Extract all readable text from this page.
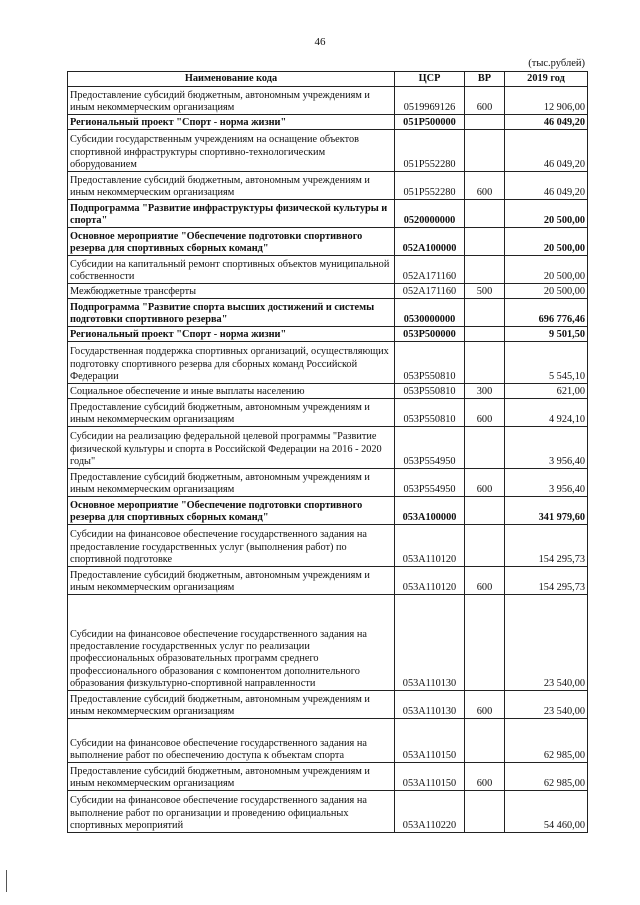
46
(тыс.рублей)
Наименование кода	ЦСР	ВР	2019 год
Предоставление субсидий бюджетным, автономным учреждениям и иным некоммерческим организациям	0519969126	600	12 906,00
Региональный проект "Спорт - норма жизни"	051P500000		46 049,20
Субсидии государственным учреждениям на оснащение объектов спортивной инфраструктуры спортивно-технологическим оборудованием	051P552280		46 049,20
Предоставление субсидий бюджетным, автономным учреждениям и иным некоммерческим организациям	051P552280	600	46 049,20
Подпрограмма "Развитие инфраструктуры физической культуры и спорта"	0520000000		20 500,00
Основное мероприятие "Обеспечение подготовки спортивного резерва для спортивных сборных команд"	052A100000		20 500,00
Субсидии на капитальный ремонт спортивных объектов муниципальной собственности	052A171160		20 500,00
Межбюджетные трансферты	052A171160	500	20 500,00
Подпрограмма "Развитие спорта высших достижений и системы подготовки спортивного резерва"	0530000000		696 776,46
Региональный проект "Спорт - норма жизни"	053P500000		9 501,50
Государственная поддержка спортивных организаций, осуществляющих подготовку спортивного резерва для сборных команд Российской Федерации	053P550810		5 545,10
Социальное обеспечение и иные выплаты населению	053P550810	300	621,00
Предоставление субсидий бюджетным, автономным учреждениям и иным некоммерческим организациям	053P550810	600	4 924,10
Субсидии на реализацию федеральной целевой программы "Развитие физической культуры и спорта в Российской Федерации на 2016 - 2020 годы"	053P554950		3 956,40
Предоставление субсидий бюджетным, автономным учреждениям и иным некоммерческим организациям	053P554950	600	3 956,40
Основное мероприятие "Обеспечение подготовки спортивного резерва для спортивных сборных команд"	053A100000		341 979,60
Субсидии на финансовое обеспечение государственного задания на предоставление государственных услуг (выполнения работ) по спортивной подготовке	053A110120		154 295,73
Предоставление субсидий бюджетным, автономным учреждениям и иным некоммерческим организациям	053A110120	600	154 295,73
Субсидии на финансовое обеспечение государственного задания на предоставление государственных услуг по реализации профессиональных образовательных программ среднего профессионального образования с компонентом дополнительного образования физкультурно-спортивной направленности	053A110130		23 540,00
Предоставление субсидий бюджетным, автономным учреждениям и иным некоммерческим организациям	053A110130	600	23 540,00
Субсидии на финансовое обеспечение государственного задания на выполнение работ по обеспечению доступа к объектам спорта	053A110150		62 985,00
Предоставление субсидий бюджетным, автономным учреждениям и иным некоммерческим организациям	053A110150	600	62 985,00
Субсидии на финансовое обеспечение государственного задания на выполнение работ по организации и проведению официальных спортивных мероприятий	053A110220		54 460,00
